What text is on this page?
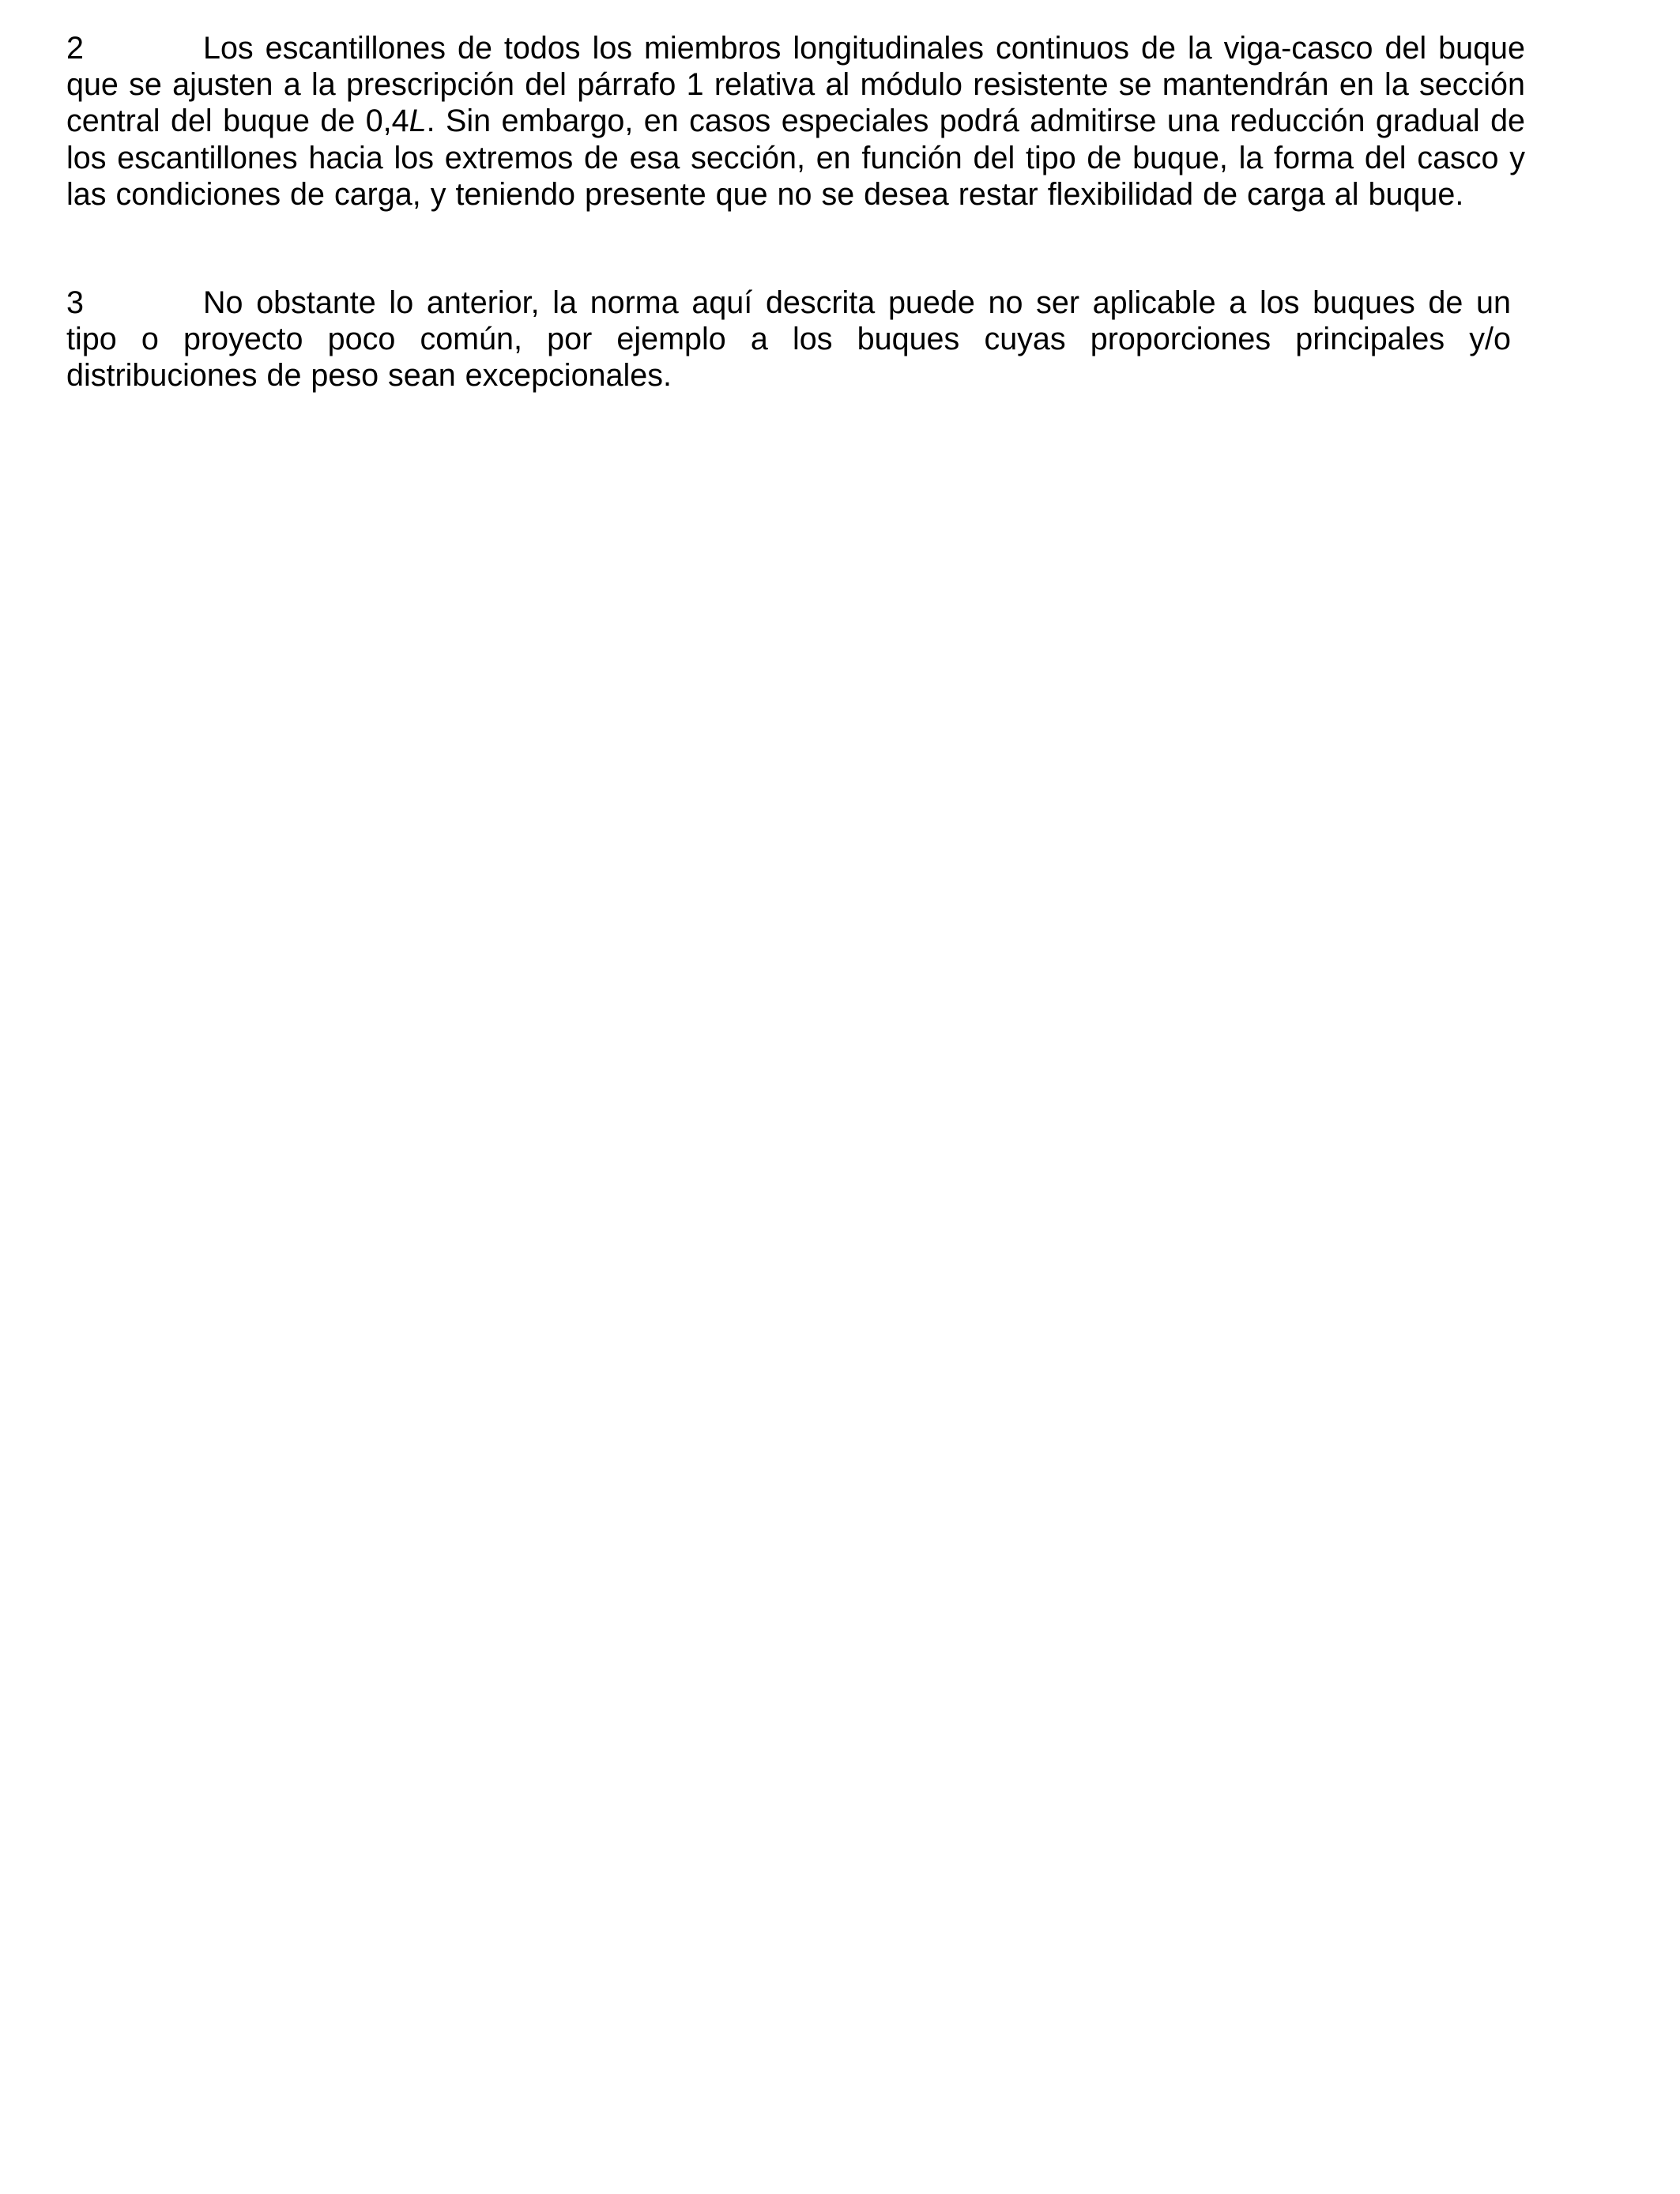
2	Los escantillones de todos los miembros longitudinales continuos de la viga-casco del buque que se ajusten a la prescripción del párrafo 1 relativa al módulo resistente se mantendrán en la sección central del buque de 0,4L. Sin embargo, en casos especiales podrá admitirse una reducción gradual de los escantillones hacia los extremos de esa sección, en función del tipo de buque, la forma del casco y las condiciones de carga, y teniendo presente que no se desea restar flexibilidad de carga al buque.

3	No obstante lo anterior, la norma aquí descrita puede no ser aplicable a los buques de un tipo o proyecto poco común, por ejemplo a los buques cuyas proporciones principales y/o distribuciones de peso sean excepcionales.
